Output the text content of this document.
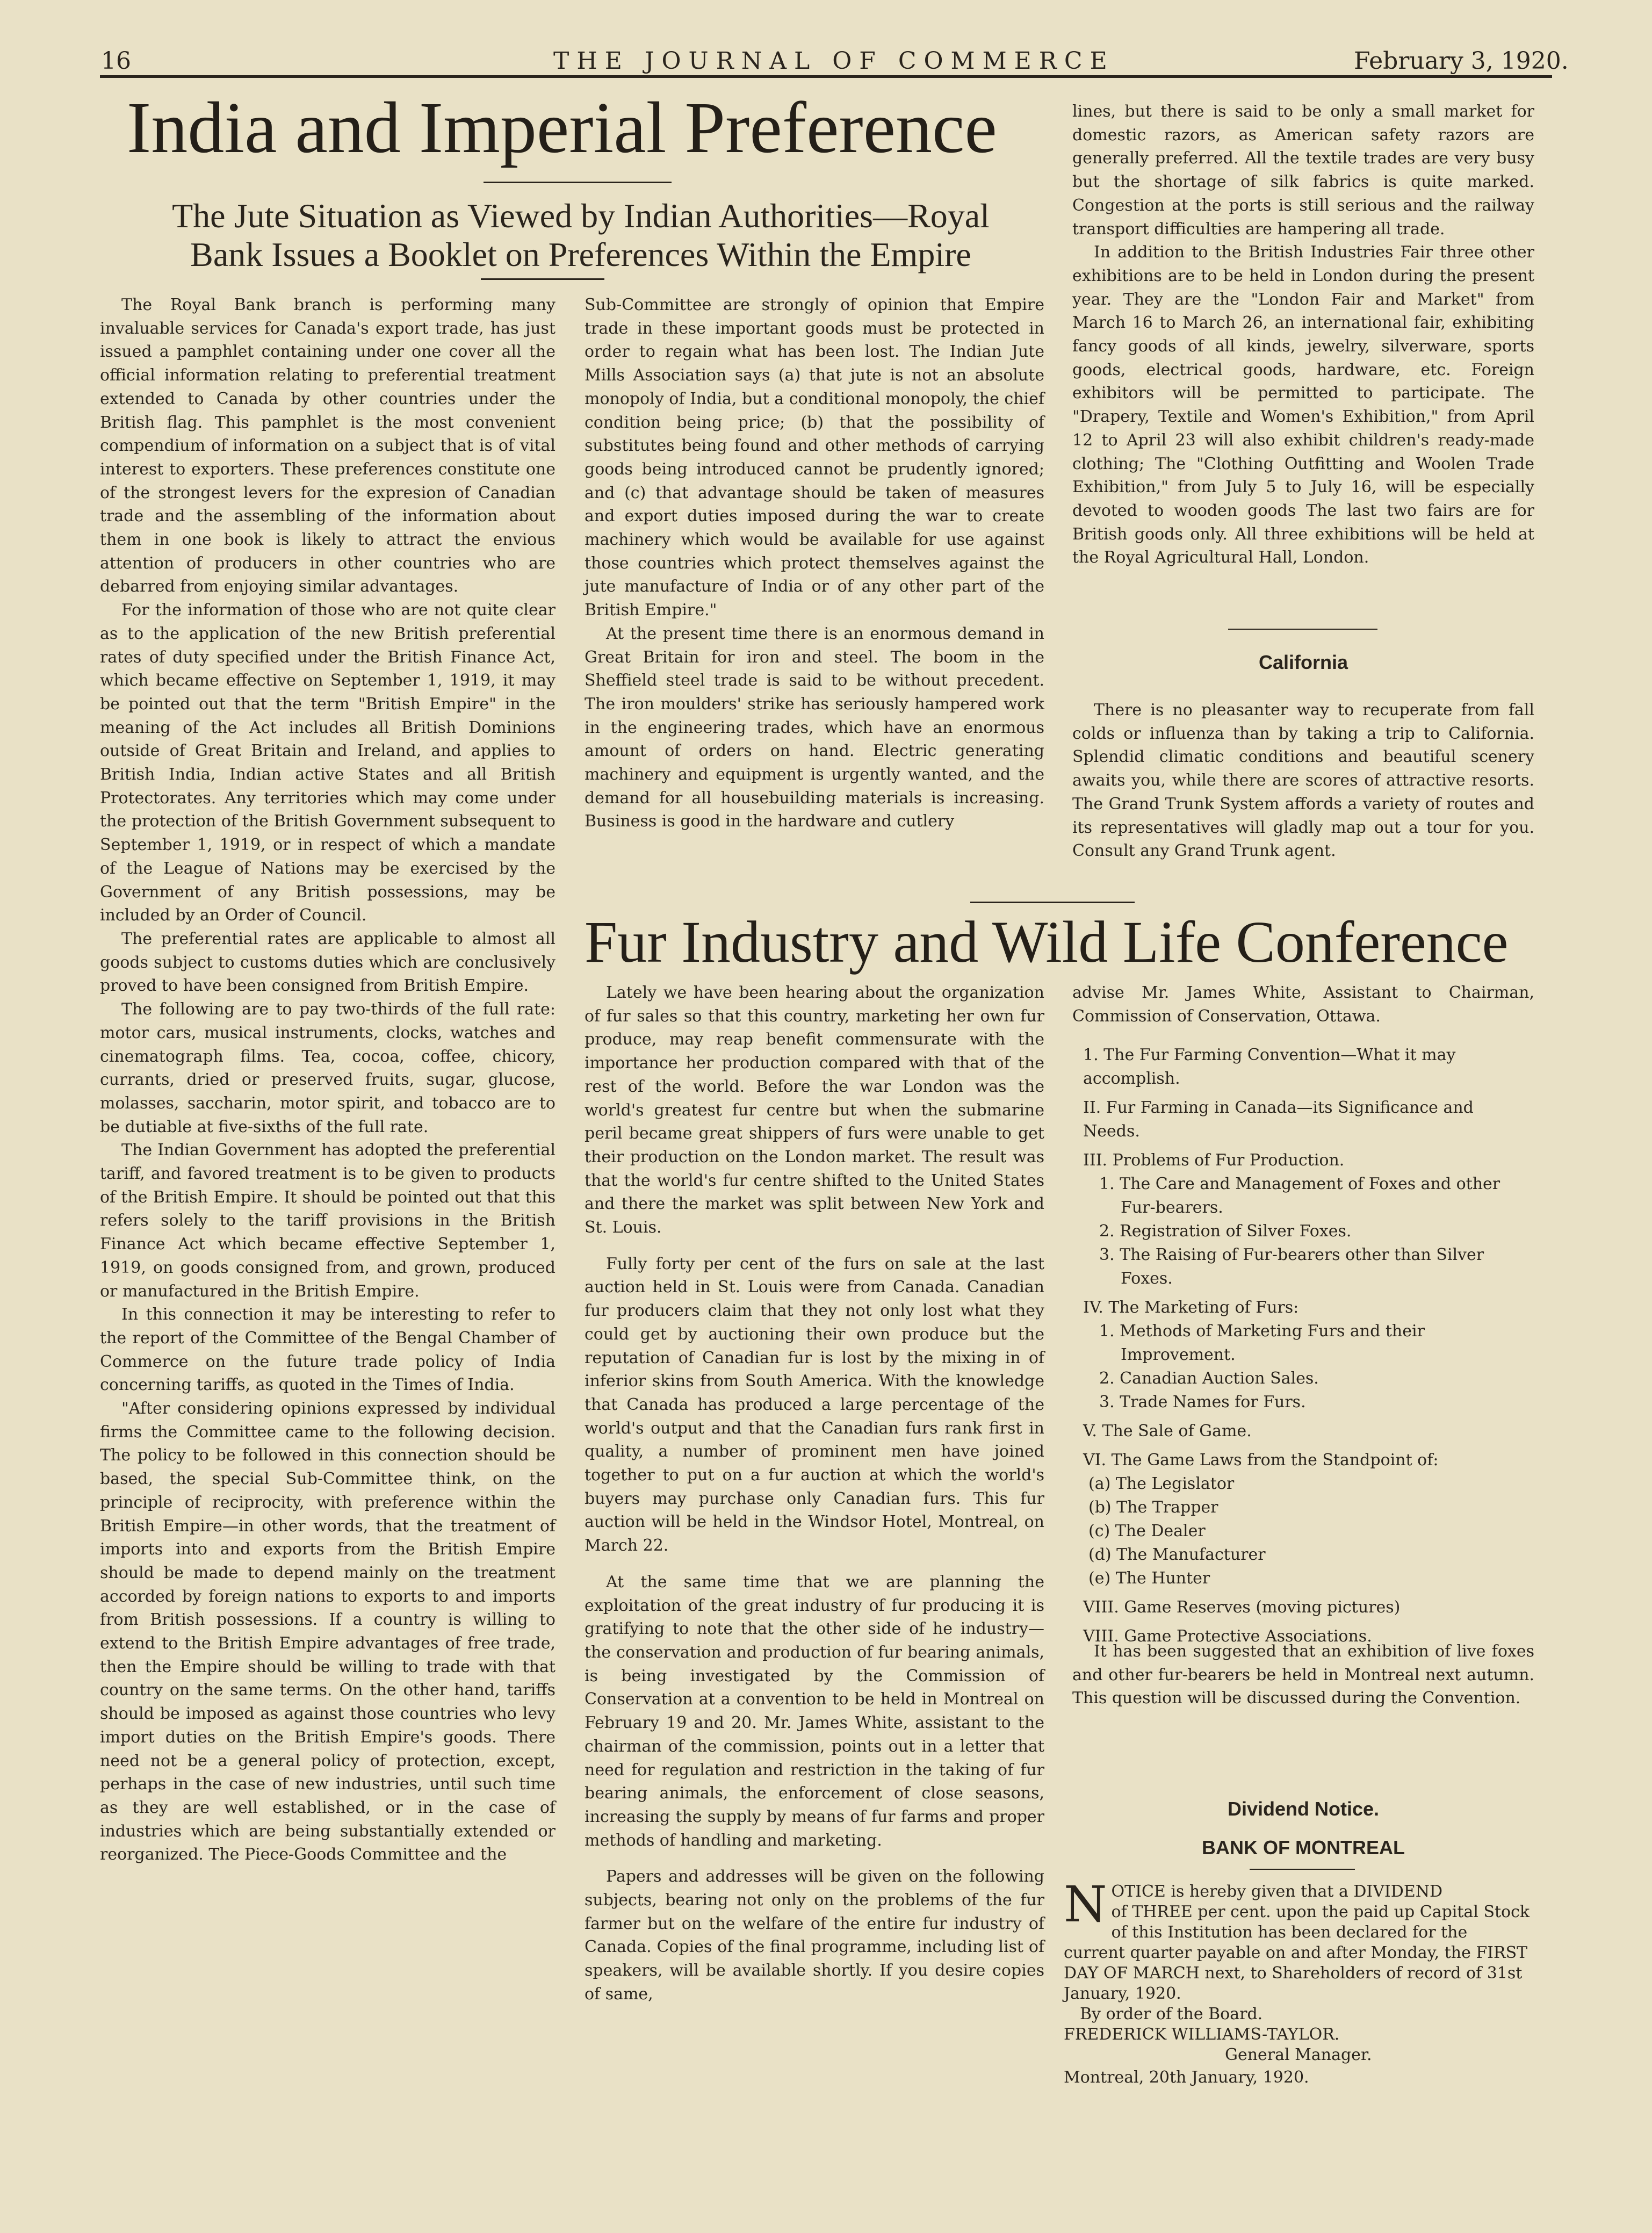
16	THE JOURNAL OF COMMERCE	February 3, 1920.
India and Imperial Preference
The Jute Situation as Viewed by Indian Authorities—Royal
Bank Issues a Booklet on Preferences Within the Empire

The Royal Bank branch is performing many invaluable services for Canada's export trade, has just issued a pamphlet containing under one cover all the official information relating to preferential treatment extended to Canada by other countries under the British flag. This pamphlet is the most convenient compendium of information on a subject that is of vital interest to exporters. These preferences constitute one of the strongest levers for the expresion of Canadian trade and the assembling of the information about them in one book is likely to attract the envious attention of producers in other countries who are debarred from enjoying similar advantages.

For the information of those who are not quite clear as to the application of the new British preferential rates of duty specified under the British Finance Act, which became effective on September 1, 1919, it may be pointed out that the term "British Empire" in the meaning of the Act includes all British Dominions outside of Great Britain and Ireland, and applies to British India, Indian active States and all British Protectorates. Any territories which may come under the protection of the British Government subsequent to September 1, 1919, or in respect of which a mandate of the League of Nations may be exercised by the Government of any British possessions, may be included by an Order of Council.

The preferential rates are applicable to almost all goods subject to customs duties which are conclusively proved to have been consigned from British Empire.

The following are to pay two-thirds of the full rate: motor cars, musical instruments, clocks, watches and cinematograph films. Tea, cocoa, coffee, chicory, currants, dried or preserved fruits, sugar, glucose, molasses, saccharin, motor spirit, and tobacco are to be dutiable at five-sixths of the full rate.

The Indian Government has adopted the preferential tariff, and favored treatment is to be given to products of the British Empire. It should be pointed out that this refers solely to the tariff provisions in the British Finance Act which became effective September 1, 1919, on goods consigned from, and grown, produced or manufactured in the British Empire.

In this connection it may be interesting to refer to the report of the Committee of the Bengal Chamber of Commerce on the future trade policy of India concerning tariffs, as quoted in the Times of India.

"After considering opinions expressed by individual firms the Committee came to the following decision. The policy to be followed in this connection should be based, the special Sub-Committee think, on the principle of reciprocity, with preference within the British Empire—in other words, that the treatment of imports into and exports from the British Empire should be made to depend mainly on the treatment accorded by foreign nations to exports to and imports from British possessions. If a country is willing to extend to the British Empire advantages of free trade, then the Empire should be willing to trade with that country on the same terms. On the other hand, tariffs should be imposed as against those countries who levy import duties on the British Empire's goods. There need not be a general policy of protection, except, perhaps in the case of new industries, until such time as they are well established, or in the case of industries which are being substantially extended or reorganized. The Piece-Goods Committee and the

Sub-Committee are strongly of opinion that Empire trade in these important goods must be protected in order to regain what has been lost. The Indian Jute Mills Association says (a) that jute is not an absolute monopoly of India, but a conditional monopoly, the chief condition being price; (b) that the possibility of substitutes being found and other methods of carrying goods being introduced cannot be prudently ignored; and (c) that advantage should be taken of measures and export duties imposed during the war to create machinery which would be available for use against those countries which protect themselves against the jute manufacture of India or of any other part of the British Empire."

At the present time there is an enormous demand in Great Britain for iron and steel. The boom in the Sheffield steel trade is said to be without precedent. The iron moulders' strike has seriously hampered work in the engineering trades, which have an enormous amount of orders on hand. Electric generating machinery and equipment is urgently wanted, and the demand for all housebuilding materials is increasing. Business is good in the hardware and cutlery

lines, but there is said to be only a small market for domestic razors, as American safety razors are generally preferred. All the textile trades are very busy but the shortage of silk fabrics is quite marked. Congestion at the ports is still serious and the railway transport difficulties are hampering all trade.

In addition to the British Industries Fair three other exhibitions are to be held in London during the present year. They are the "London Fair and Market" from March 16 to March 26, an international fair, exhibiting fancy goods of all kinds, jewelry, silverware, sports goods, electrical goods, hardware, etc. Foreign exhibitors will be permitted to participate. The "Drapery, Textile and Women's Exhibition," from April 12 to April 23 will also exhibit children's ready-made clothing; The "Clothing Outfitting and Woolen Trade Exhibition," from July 5 to July 16, will be especially devoted to wooden goods The last two fairs are for British goods only. All three exhibitions will be held at the Royal Agricultural Hall, London.

California

There is no pleasanter way to recuperate from fall colds or influenza than by taking a trip to California. Splendid climatic conditions and beautiful scenery awaits you, while there are scores of attractive resorts. The Grand Trunk System affords a variety of routes and its representatives will gladly map out a tour for you. Consult any Grand Trunk agent.

Fur Industry and Wild Life Conference

Lately we have been hearing about the organization of fur sales so that this country, marketing her own fur produce, may reap benefit commensurate with the importance her production compared with that of the rest of the world. Before the war London was the world's greatest fur centre but when the submarine peril became great shippers of furs were unable to get their production on the London market. The result was that the world's fur centre shifted to the United States and there the market was split between New York and St. Louis.

Fully forty per cent of the furs on sale at the last auction held in St. Louis were from Canada. Canadian fur producers claim that they not only lost what they could get by auctioning their own produce but the reputation of Canadian fur is lost by the mixing in of inferior skins from South America. With the knowledge that Canada has produced a large percentage of the world's output and that the Canadian furs rank first in quality, a number of prominent men have joined together to put on a fur auction at which the world's buyers may purchase only Canadian furs. This fur auction will be held in the Windsor Hotel, Montreal, on March 22.

At the same time that we are planning the exploitation of the great industry of fur producing it is gratifying to note that the other side of he industry—the conservation and production of fur bearing animals, is being investigated by the Commission of Conservation at a convention to be held in Montreal on February 19 and 20. Mr. James White, assistant to the chairman of the commission, points out in a letter that need for regulation and restriction in the taking of fur bearing animals, the enforcement of close seasons, increasing the supply by means of fur farms and proper methods of handling and marketing.

Papers and addresses will be given on the following subjects, bearing not only on the problems of the fur farmer but on the welfare of the entire fur industry of Canada. Copies of the final programme, including list of speakers, will be available shortly. If you desire copies of same,

advise Mr. James White, Assistant to Chairman, Commission of Conservation, Ottawa.

1. The Fur Farming Convention—What it may accomplish.
II. Fur Farming in Canada—its Significance and Needs.
III. Problems of Fur Production.
1. The Care and Management of Foxes and other Fur-bearers.
2. Registration of Silver Foxes.
3. The Raising of Fur-bearers other than Silver Foxes.
IV. The Marketing of Furs:
1. Methods of Marketing Furs and their Improvement.
2. Canadian Auction Sales.
3. Trade Names for Furs.
V. The Sale of Game.
VI. The Game Laws from the Standpoint of:
(a) The Legislator
(b) The Trapper
(c) The Dealer
(d) The Manufacturer
(e) The Hunter
VIII. Game Reserves (moving pictures)
VIII. Game Protective Associations.

It has been suggested that an exhibition of live foxes and other fur-bearers be held in Montreal next autumn. This question will be discussed during the Convention.

Dividend Notice.
BANK OF MONTREAL
N OTICE is hereby given that a DIVIDEND
of THREE per cent. upon the paid up Capital Stock of this Institution has been declared for the current quarter payable on and after Monday, the FIRST DAY OF MARCH next, to Shareholders of record of 31st January, 1920.
By order of the Board.
FREDERICK WILLIAMS-TAYLOR.
General Manager.
Montreal, 20th January, 1920.
